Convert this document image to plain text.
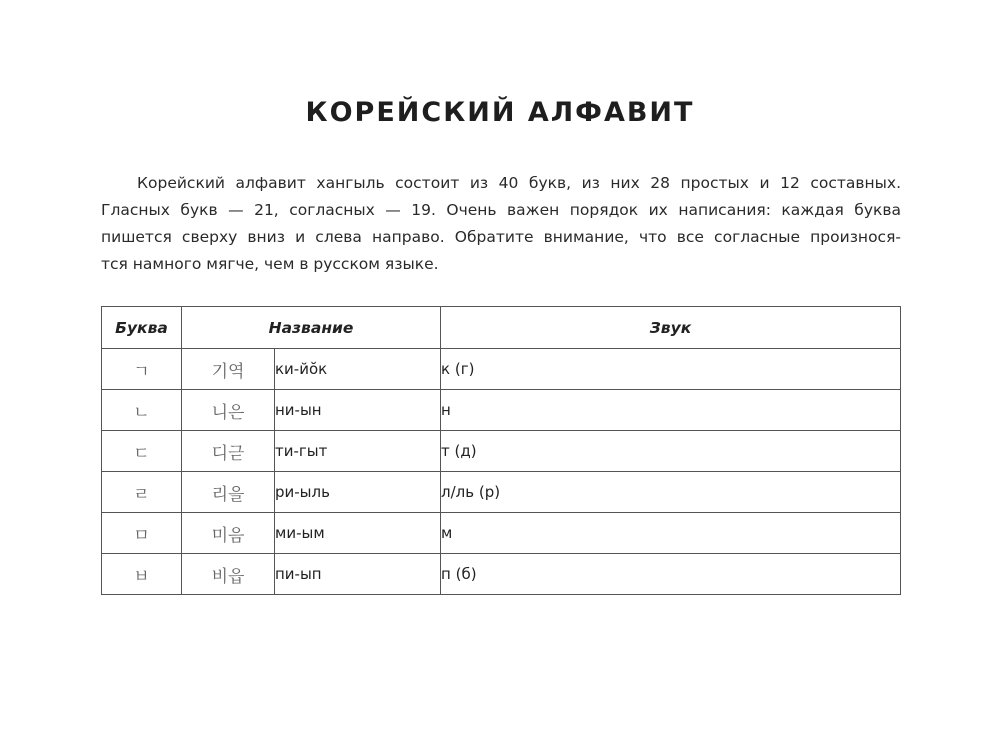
КОРЕЙСКИЙ АЛФАВИТ
Корейский алфавит хангыль состоит из 40 букв, из них 28 простых и 12 составных.
Гласных букв — 21, согласных — 19. Очень важен порядок их написания: каждая буква
пишется сверху вниз и слева направо. Обратите внимание, что все согласные произнося-
тся намного мягче, чем в русском языке.
Буква	Название		Звук
ㄱ	기역	ки-йŏк	к (г)
ㄴ	니은	ни-ын	н
ㄷ	디귿	ти-гыт	т (д)
ㄹ	리을	ри-ыль	л/ль (р)
ㅁ	미음	ми-ым	м
ㅂ	비읍	пи-ып	п (б)
